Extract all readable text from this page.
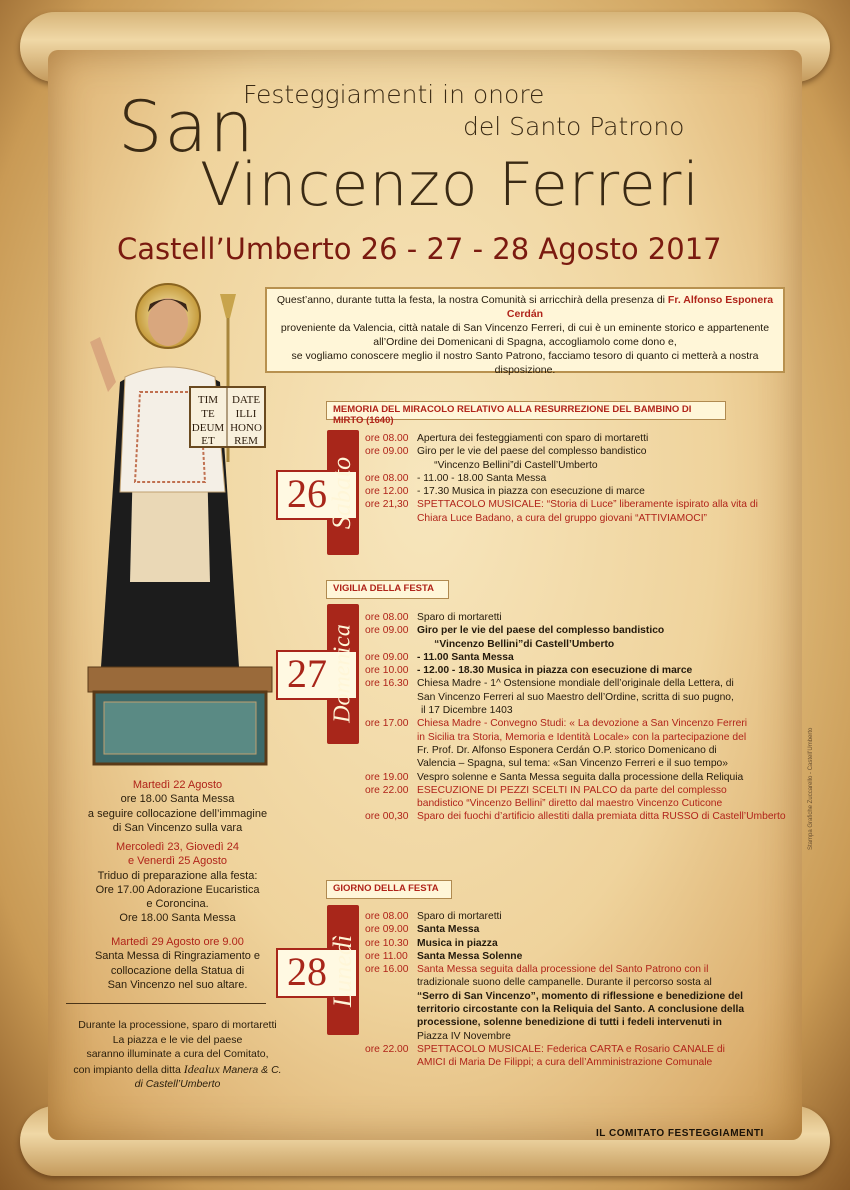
Festeggiamenti in onore
del Santo Patrono
San
Vincenzo Ferreri
Castell’Umberto 26 - 27 - 28 Agosto 2017
Quest’anno, durante tutta la festa, la nostra Comunità si arricchirà della presenza di Fr. Alfonso Esponera Cerdán
proveniente da Valencia, città natale di San Vincenzo Ferreri, di cui è un eminente storico e appartenente
all’Ordine dei Domenicani di Spagna, accogliamolo come dono e,
se vogliamo conoscere meglio il nostro Santo Patrono, facciamo tesoro di quanto ci metterà a nostra disposizione.
TIM DATE
TE ILLI
DEUM HONO
ET REM
Martedì 22 Agosto
ore 18.00 Santa Messa
a seguire collocazione dell’immagine
di San Vincenzo sulla vara
Mercoledì 23, Giovedì 24
e Venerdì 25 Agosto
Triduo di preparazione alla festa:
Ore 17.00 Adorazione Eucaristica
e Coroncina.
Ore 18.00 Santa Messa
Martedì 29 Agosto ore 9.00
Santa Messa di Ringraziamento e
collocazione della Statua di
San Vincenzo nel suo altare.
Durante la processione, sparo di mortaretti
La piazza e le vie del paese
saranno illuminate a cura del Comitato,
con impianto della ditta Idealux Manera & C.
di Castell’Umberto
MEMORIA DEL MIRACOLO RELATIVO ALLA RESURREZIONE DEL BAMBINO DI MIRTO (1640)
26 Sabato
ore 08.00 Apertura dei festeggiamenti con sparo di mortaretti
ore 09.00 Giro per le vie del paese del complesso bandistico
“Vincenzo Bellini”di Castell’Umberto
ore 08.00 - 11.00 - 18.00 Santa Messa
ore 12.00 - 17.30 Musica in piazza con esecuzione di marce
ore 21,30 SPETTACOLO MUSICALE: “Storia di Luce” liberamente ispirato alla vita di
Chiara Luce Badano, a cura del gruppo giovani “ATTIVIAMOCI”
VIGILIA DELLA FESTA
27 Domenica
ore 08.00 Sparo di mortaretti
ore 09.00 Giro per le vie del paese del complesso bandistico
“Vincenzo Bellini”di Castell’Umberto
ore 09.00 - 11.00 Santa Messa
ore 10.00 - 12.00 - 18.30 Musica in piazza con esecuzione di marce
ore 16.30 Chiesa Madre - 1^ Ostensione mondiale dell’originale della Lettera, di
San Vincenzo Ferreri al suo Maestro dell’Ordine, scritta di suo pugno,
il 17 Dicembre 1403
ore 17.00 Chiesa Madre - Convegno Studi: « La devozione a San Vincenzo Ferreri
in Sicilia tra Storia, Memoria e Identità Locale» con la partecipazione del
Fr. Prof. Dr. Alfonso Esponera Cerdán O.P. storico Domenicano di
Valencia – Spagna, sul tema: «San Vincenzo Ferreri e il suo tempo»
ore 19.00 Vespro solenne e Santa Messa seguita dalla processione della Reliquia
ore 22.00 ESECUZIONE DI PEZZI SCELTI IN PALCO da parte del complesso
bandistico “Vincenzo Bellini” diretto dal maestro Vincenzo Cuticone
ore 00,30 Sparo dei fuochi d’artificio allestiti dalla premiata ditta RUSSO di Castell’Umberto
GIORNO DELLA FESTA
28 Lunedì
ore 08.00 Sparo di mortaretti
ore 09.00 Santa Messa
ore 10.30 Musica in piazza
ore 11.00 Santa Messa Solenne
ore 16.00 Santa Messa seguita dalla processione del Santo Patrono con il
tradizionale suono delle campanelle. Durante il percorso sosta al
“Serro di San Vincenzo”, momento di riflessione e benedizione del
territorio circostante con la Reliquia del Santo. A conclusione della
processione, solenne benedizione di tutti i fedeli intervenuti in
Piazza IV Novembre
ore 22.00 SPETTACOLO MUSICALE: Federica CARTA e Rosario CANALE di
AMICI di Maria De Filippi; a cura dell’Amministrazione Comunale
Stampa Grafiche Zuccarello - Castell’Umberto
IL COMITATO FESTEGGIAMENTI
